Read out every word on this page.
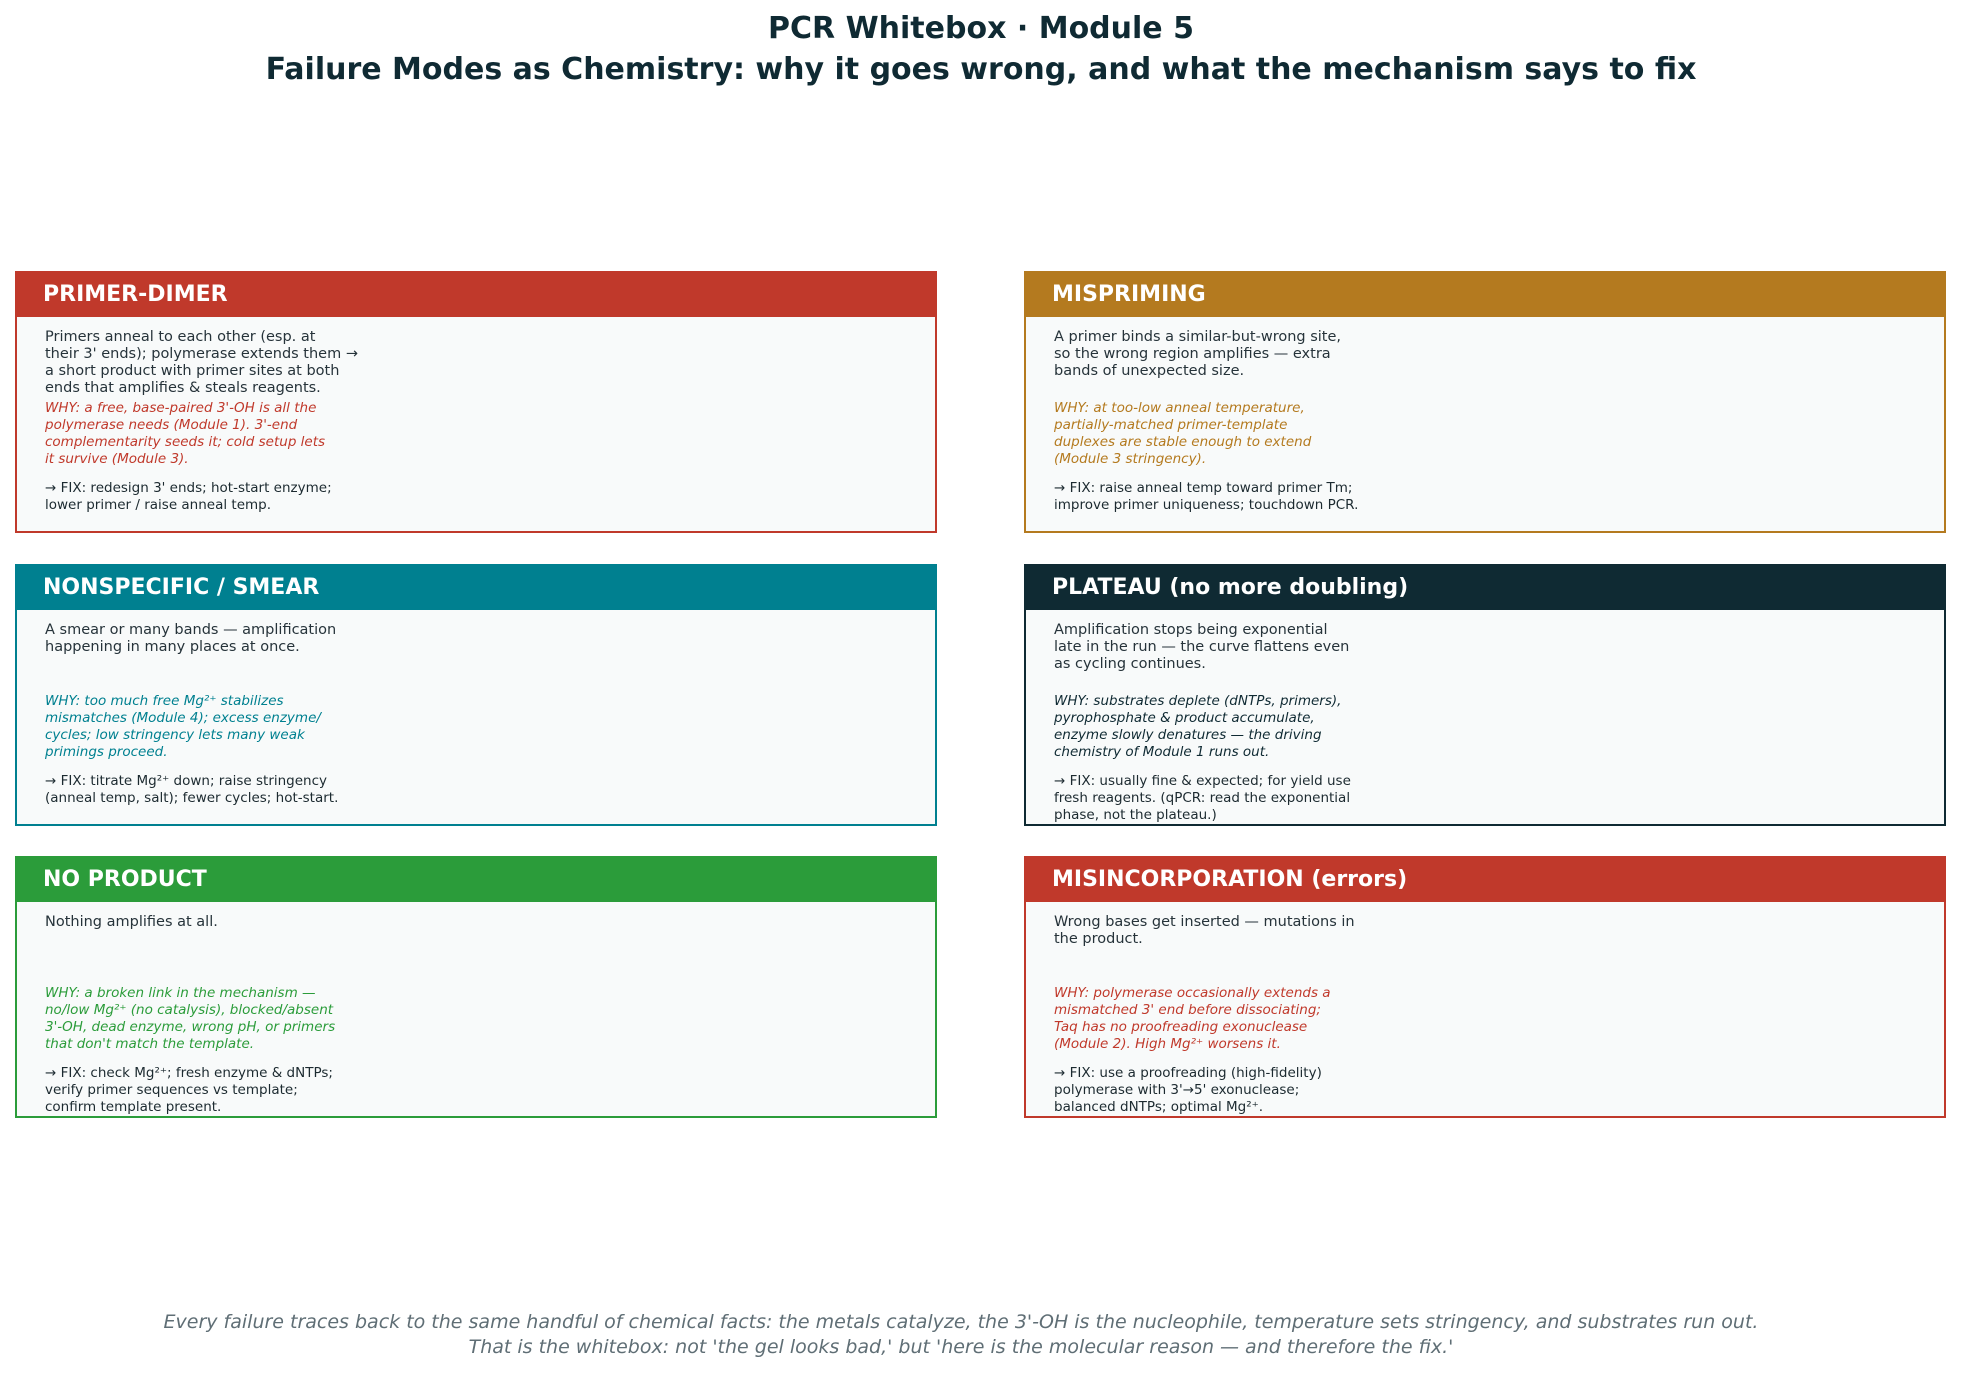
PCR Whitebox · Module 5
Failure Modes as Chemistry: why it goes wrong, and what the mechanism says to fix
PRIMER-DIMER
Primers anneal to each other (esp. at
their 3' ends); polymerase extends them →
a short product with primer sites at both
ends that amplifies & steals reagents.
WHY: a free, base-paired 3'-OH is all the
polymerase needs (Module 1). 3'-end
complementarity seeds it; cold setup lets
it survive (Module 3).
→ FIX: redesign 3' ends; hot-start enzyme;
lower primer / raise anneal temp.
MISPRIMING
A primer binds a similar-but-wrong site,
so the wrong region amplifies — extra
bands of unexpected size.
WHY: at too-low anneal temperature,
partially-matched primer-template
duplexes are stable enough to extend
(Module 3 stringency).
→ FIX: raise anneal temp toward primer Tm;
improve primer uniqueness; touchdown PCR.
NONSPECIFIC / SMEAR
A smear or many bands — amplification
happening in many places at once.
WHY: too much free Mg²⁺ stabilizes
mismatches (Module 4); excess enzyme/
cycles; low stringency lets many weak
primings proceed.
→ FIX: titrate Mg²⁺ down; raise stringency
(anneal temp, salt); fewer cycles; hot-start.
PLATEAU (no more doubling)
Amplification stops being exponential
late in the run — the curve flattens even
as cycling continues.
WHY: substrates deplete (dNTPs, primers),
pyrophosphate & product accumulate,
enzyme slowly denatures — the driving
chemistry of Module 1 runs out.
→ FIX: usually fine & expected; for yield use
fresh reagents. (qPCR: read the exponential
phase, not the plateau.)
NO PRODUCT
Nothing amplifies at all.
WHY: a broken link in the mechanism —
no/low Mg²⁺ (no catalysis), blocked/absent
3'-OH, dead enzyme, wrong pH, or primers
that don't match the template.
→ FIX: check Mg²⁺; fresh enzyme & dNTPs;
verify primer sequences vs template;
confirm template present.
MISINCORPORATION (errors)
Wrong bases get inserted — mutations in
the product.
WHY: polymerase occasionally extends a
mismatched 3' end before dissociating;
Taq has no proofreading exonuclease
(Module 2). High Mg²⁺ worsens it.
→ FIX: use a proofreading (high-fidelity)
polymerase with 3'→5' exonuclease;
balanced dNTPs; optimal Mg²⁺.
Every failure traces back to the same handful of chemical facts: the metals catalyze, the 3'-OH is the nucleophile, temperature sets stringency, and substrates run out.
That is the whitebox: not 'the gel looks bad,' but 'here is the molecular reason — and therefore the fix.'
